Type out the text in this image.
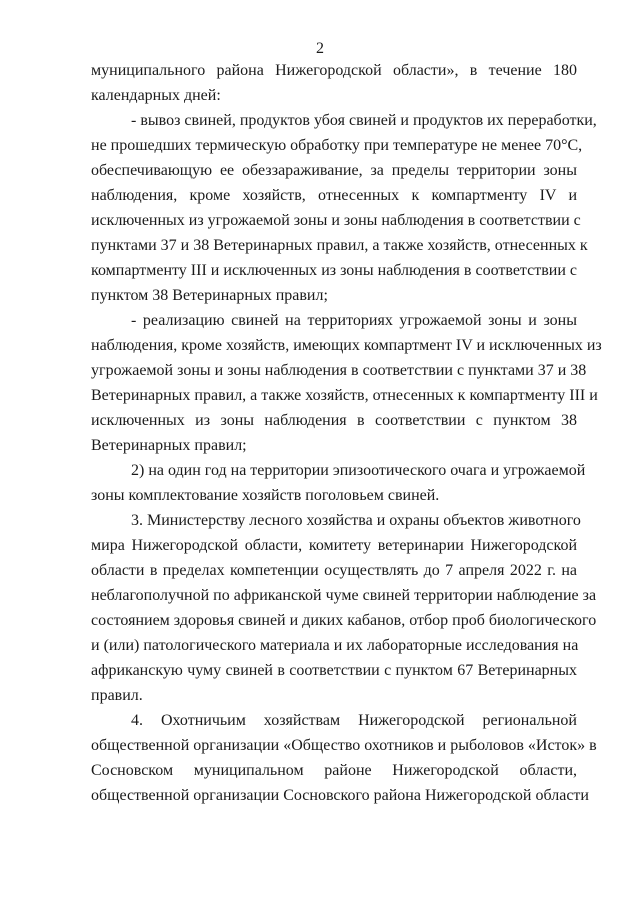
2
муниципального района Нижегородской области», в течение 180
календарных дней:
- вывоз свиней, продуктов убоя свиней и продуктов их переработки,
не прошедших термическую обработку при температуре не менее 70°С,
обеспечивающую ее обеззараживание, за пределы территории зоны
наблюдения, кроме хозяйств, отнесенных к компартменту IV и
исключенных из угрожаемой зоны и зоны наблюдения в соответствии с
пунктами 37 и 38 Ветеринарных правил, а также хозяйств, отнесенных к
компартменту III и исключенных из зоны наблюдения в соответствии с
пунктом 38 Ветеринарных правил;
- реализацию свиней на территориях угрожаемой зоны и зоны
наблюдения, кроме хозяйств, имеющих компартмент IV и исключенных из
угрожаемой зоны и зоны наблюдения в соответствии с пунктами 37 и 38
Ветеринарных правил, а также хозяйств, отнесенных к компартменту III и
исключенных из зоны наблюдения в соответствии с пунктом 38
Ветеринарных правил;
2) на один год на территории эпизоотического очага и угрожаемой
зоны комплектование хозяйств поголовьем свиней.
3. Министерству лесного хозяйства и охраны объектов животного
мира Нижегородской области, комитету ветеринарии Нижегородской
области в пределах компетенции осуществлять до 7 апреля 2022 г. на
неблагополучной по африканской чуме свиней территории наблюдение за
состоянием здоровья свиней и диких кабанов, отбор проб биологического
и (или) патологического материала и их лабораторные исследования на
африканскую чуму свиней в соответствии с пунктом 67 Ветеринарных
правил.
4. Охотничьим хозяйствам Нижегородской региональной
общественной организации «Общество охотников и рыболовов «Исток» в
Сосновском муниципальном районе Нижегородской области,
общественной организации Сосновского района Нижегородской области
